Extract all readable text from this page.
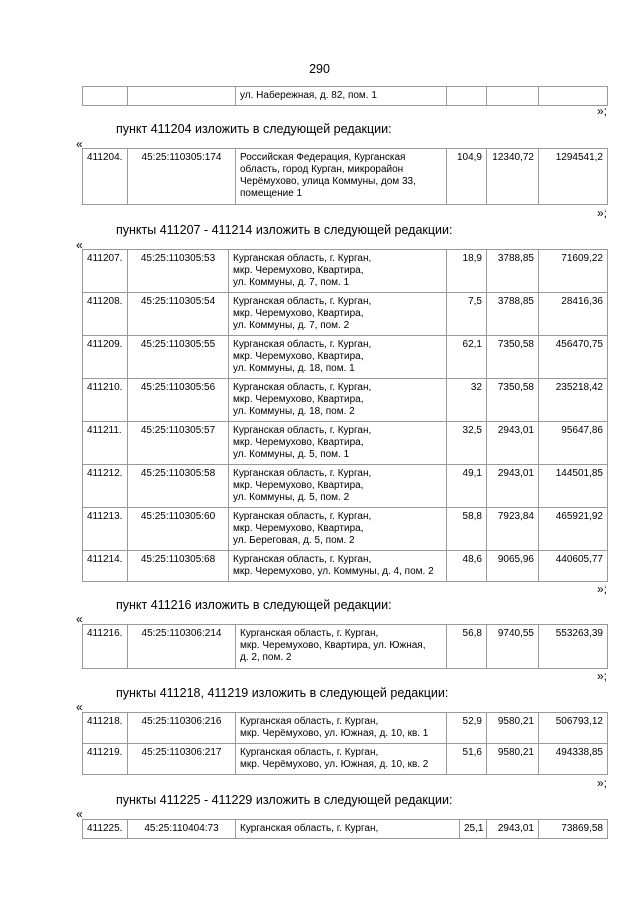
290
		ул. Набережная, д. 82, пом. 1			
»;
пункт 411204 изложить в следующей редакции:
«
411204.	45:25:110305:174	Российская Федерация, Курганская
область, город Курган, микрорайон
Черёмухово, улица Коммуны, дом 33,
помещение 1
	104,9	12340,72	1294541,2
»;
пункты 411207 - 411214 изложить в следующей редакции:
«
411207.	45:25:110305:53	Курганская область, г. Курган,
мкр. Черемухово, Квартира,
ул. Коммуны, д. 7, пом. 1	18,9	3788,85	71609,22
411208.	45:25:110305:54	Курганская область, г. Курган,
мкр. Черемухово, Квартира,
ул. Коммуны, д. 7, пом. 2	7,5	3788,85	28416,36
411209.	45:25:110305:55	Курганская область, г. Курган,
мкр. Черемухово, Квартира,
ул. Коммуны, д. 18, пом. 1	62,1	7350,58	456470,75
411210.	45:25:110305:56	Курганская область, г. Курган,
мкр. Черемухово, Квартира,
ул. Коммуны, д. 18, пом. 2	32	7350,58	235218,42
411211.	45:25:110305:57	Курганская область, г. Курган,
мкр. Черемухово, Квартира,
ул. Коммуны, д. 5, пом. 1	32,5	2943,01	95647,86
411212.	45:25:110305:58	Курганская область, г. Курган,
мкр. Черемухово, Квартира,
ул. Коммуны, д. 5, пом. 2	49,1	2943,01	144501,85
411213.	45:25:110305:60	Курганская область, г. Курган,
мкр. Черемухово, Квартира,
ул. Береговая, д. 5, пом. 2	58,8	7923,84	465921,92
411214.	45:25:110305:68	Курганская область, г. Курган,
мкр. Черемухово, ул. Коммуны, д. 4, пом. 2	48,6	9065,96	440605,77
»;
пункт 411216 изложить в следующей редакции:
«
411216.	45:25:110306:214	Курганская область, г. Курган,
мкр. Черемухово, Квартира, ул. Южная,
д. 2, пом. 2
	56,8	9740,55	553263,39
»;
пункты 411218, 411219 изложить в следующей редакции:
«
411218.	45:25:110306:216	Курганская область, г. Курган,
мкр. Черёмухово, ул. Южная, д. 10, кв. 1	52,9	9580,21	506793,12
411219.	45:25:110306:217	Курганская область, г. Курган,
мкр. Черёмухово, ул. Южная, д. 10, кв. 2	51,6	9580,21	494338,85
»;
пункты 411225 - 411229 изложить в следующей редакции:
«
411225.	45:25:110404:73	Курганская область, г. Курган,	25,1	2943,01	73869,58
